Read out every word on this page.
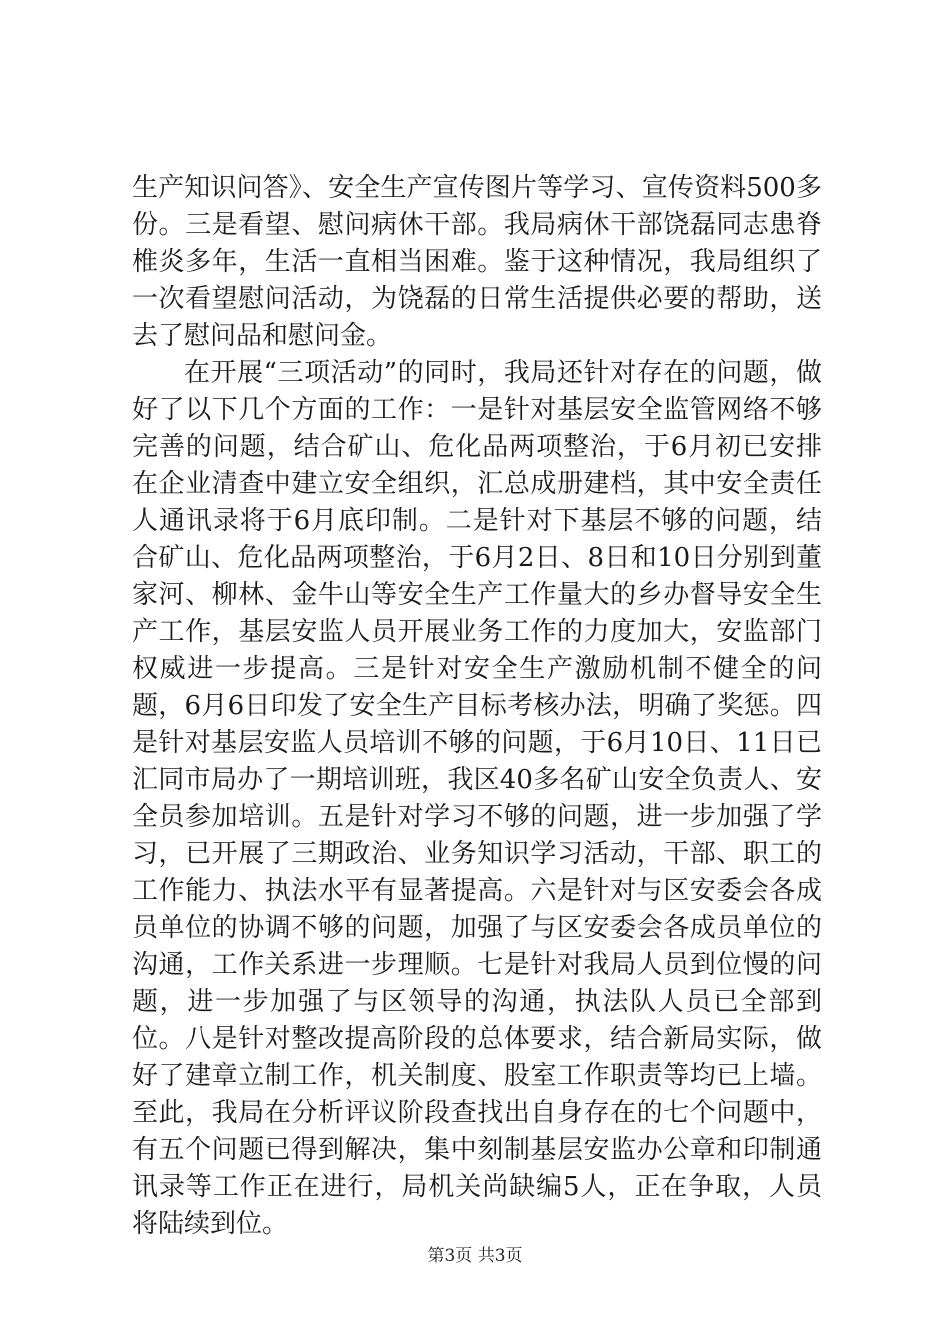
生产知识问答》、安全生产宣传图片等学习、宣传资料500多份。三是看望、慰问病休干部。我局病休干部饶磊同志患脊椎炎多年，生活一直相当困难。鉴于这种情况，我局组织了一次看望慰问活动，为饶磊的日常生活提供必要的帮助，送去了慰问品和慰问金。

在开展“三项活动”的同时，我局还针对存在的问题，做好了以下几个方面的工作：一是针对基层安全监管网络不够完善的问题，结合矿山、危化品两项整治，于6月初已安排在企业清查中建立安全组织，汇总成册建档，其中安全责任人通讯录将于6月底印制。二是针对下基层不够的问题，结合矿山、危化品两项整治，于6月2日、8日和10日分别到董家河、柳林、金牛山等安全生产工作量大的乡办督导安全生产工作，基层安监人员开展业务工作的力度加大，安监部门权威进一步提高。三是针对安全生产激励机制不健全的问题，6月6日印发了安全生产目标考核办法，明确了奖惩。四是针对基层安监人员培训不够的问题，于6月10日、11日已汇同市局办了一期培训班，我区40多名矿山安全负责人、安全员参加培训。五是针对学习不够的问题，进一步加强了学习，已开展了三期政治、业务知识学习活动，干部、职工的工作能力、执法水平有显著提高。六是针对与区安委会各成员单位的协调不够的问题，加强了与区安委会各成员单位的沟通，工作关系进一步理顺。七是针对我局人员到位慢的问题，进一步加强了与区领导的沟通，执法队人员已全部到位。八是针对整改提高阶段的总体要求，结合新局实际，做好了建章立制工作，机关制度、股室工作职责等均已上墙。至此，我局在分析评议阶段查找出自身存在的七个问题中，有五个问题已得到解决，集中刻制基层安监办公章和印制通讯录等工作正在进行，局机关尚缺编5人，正在争取，人员将陆续到位。

第3页 共3页
